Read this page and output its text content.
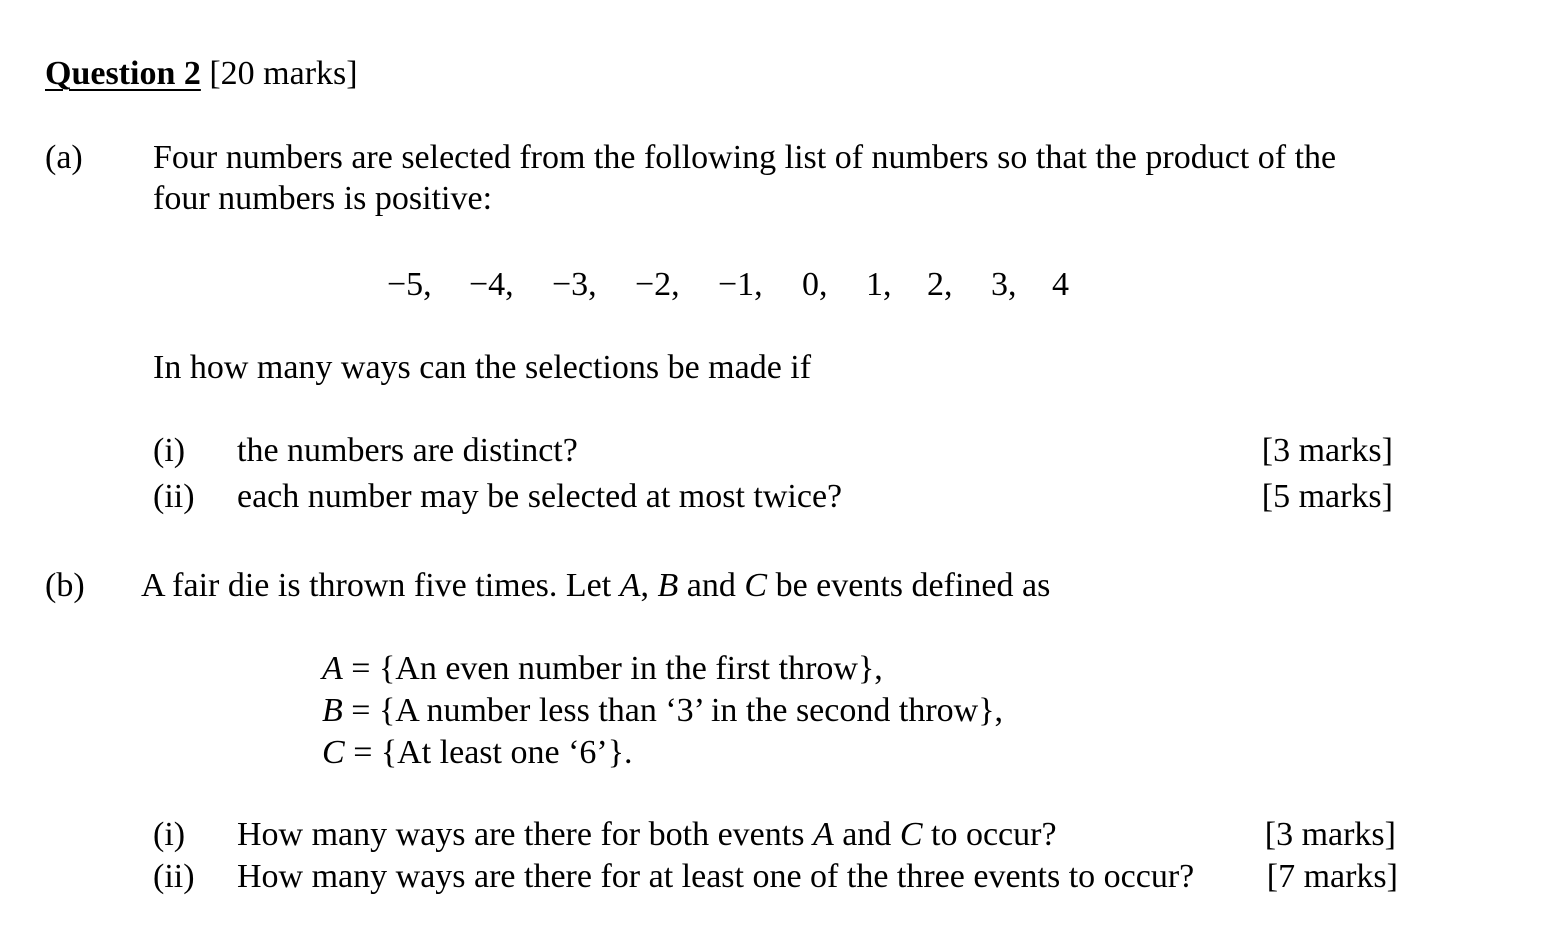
Question 2 [20 marks]
(a) Four numbers are selected from the following list of numbers so that the product of the
four numbers is positive:
−5,	−4,	−3,	−2,	−1,	0,	1,	2,	3,	4
In how many ways can the selections be made if
(i) the numbers are distinct?	[3 marks]
(ii) each number may be selected at most twice?	[5 marks]
(b) A fair die is thrown five times. Let A, B and C be events defined as
A = {An even number in the first throw},
B = {A number less than ‘3’ in the second throw},
C = {At least one ‘6’}.
(i) How many ways are there for both events A and C to occur?	[3 marks]
(ii) How many ways are there for at least one of the three events to occur? [7 marks]
